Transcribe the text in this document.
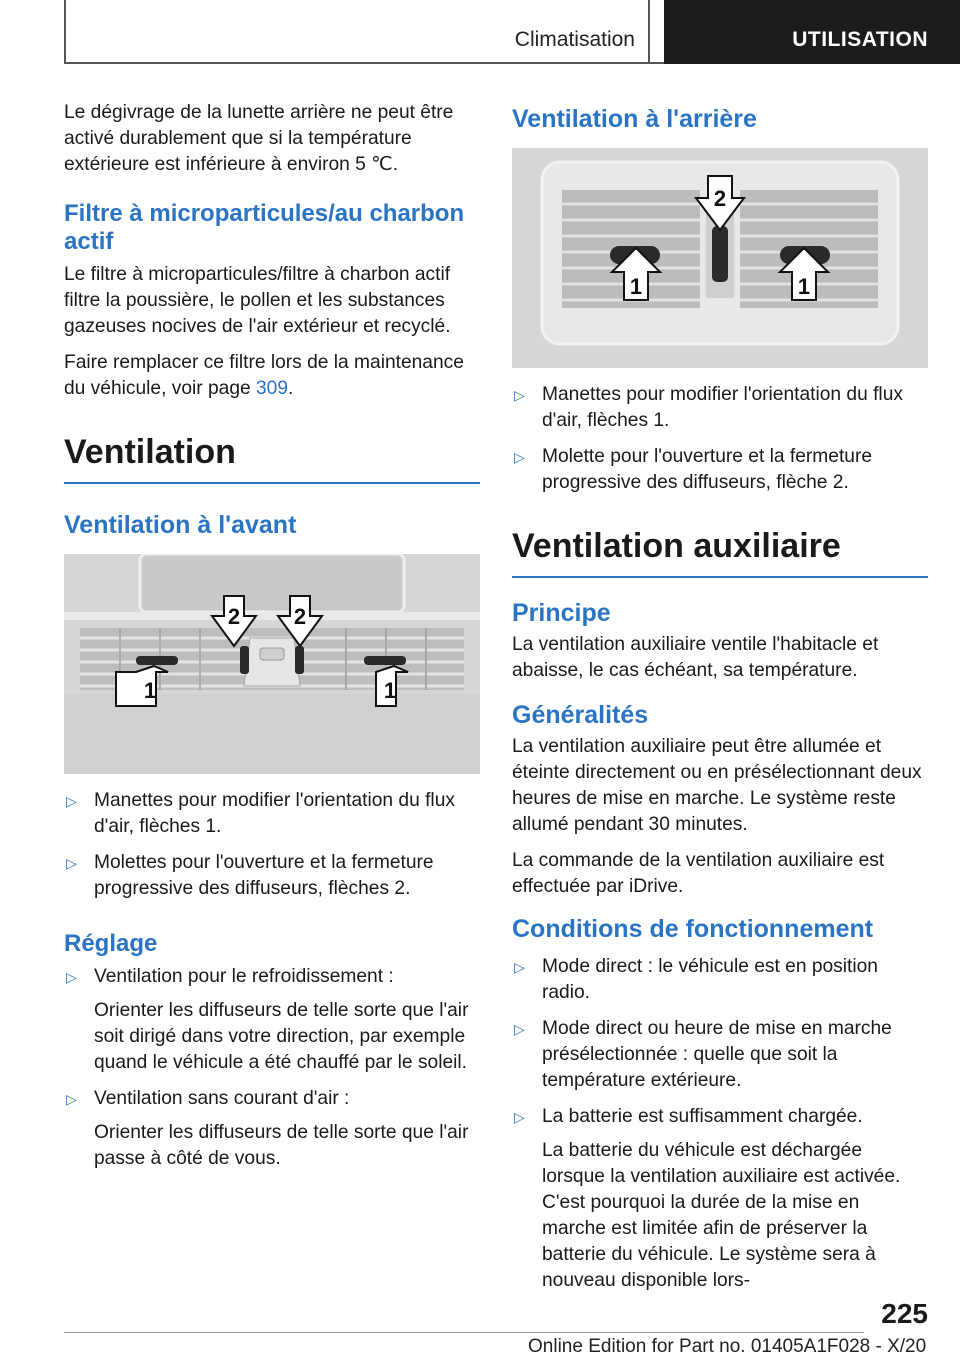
Climatisation	UTILISATION

Le dégivrage de la lunette arrière ne peut être activé durablement que si la température extérieure est inférieure à environ 5 ℃.

Filtre à microparticules/au charbon actif

Le filtre à microparticules/filtre à charbon actif filtre la poussière, le pollen et les substances gazeuses nocives de l'air extérieur et recyclé.

Faire remplacer ce filtre lors de la maintenance du véhicule, voir page 309.

Ventilation
Ventilation à l'avant
2 2
1	1
▷ Manettes pour modifier l'orientation du flux d'air, flèches 1.
▷ Molettes pour l'ouverture et la fermeture progressive des diffuseurs, flèches 2.
Réglage
▷ Ventilation pour le refroidissement :
Orienter les diffuseurs de telle sorte que l'air soit dirigé dans votre direction, par exemple quand le véhicule a été chauffé par le soleil.
▷ Ventilation sans courant d'air :
Orienter les diffuseurs de telle sorte que l'air passe à côté de vous.
Ventilation à l'arrière
2
1	1
▷ Manettes pour modifier l'orientation du flux d'air, flèches 1.
▷ Molette pour l'ouverture et la fermeture progressive des diffuseurs, flèche 2.
Ventilation auxiliaire
Principe

La ventilation auxiliaire ventile l'habitacle et abaisse, le cas échéant, sa température.

Généralités

La ventilation auxiliaire peut être allumée et éteinte directement ou en présélectionnant deux heures de mise en marche. Le système reste allumé pendant 30 minutes.

La commande de la ventilation auxiliaire est effectuée par iDrive.

Conditions de fonctionnement
▷ Mode direct : le véhicule est en position radio.
▷ Mode direct ou heure de mise en marche présélectionnée : quelle que soit la température extérieure.
▷ La batterie est suffisamment chargée.
La batterie du véhicule est déchargée lorsque la ventilation auxiliaire est activée. C'est pourquoi la durée de la mise en marche est limitée afin de préserver la batterie du véhicule. Le système sera à nouveau disponible lors-
225
Online Edition for Part no. 01405A1F028 - X/20
